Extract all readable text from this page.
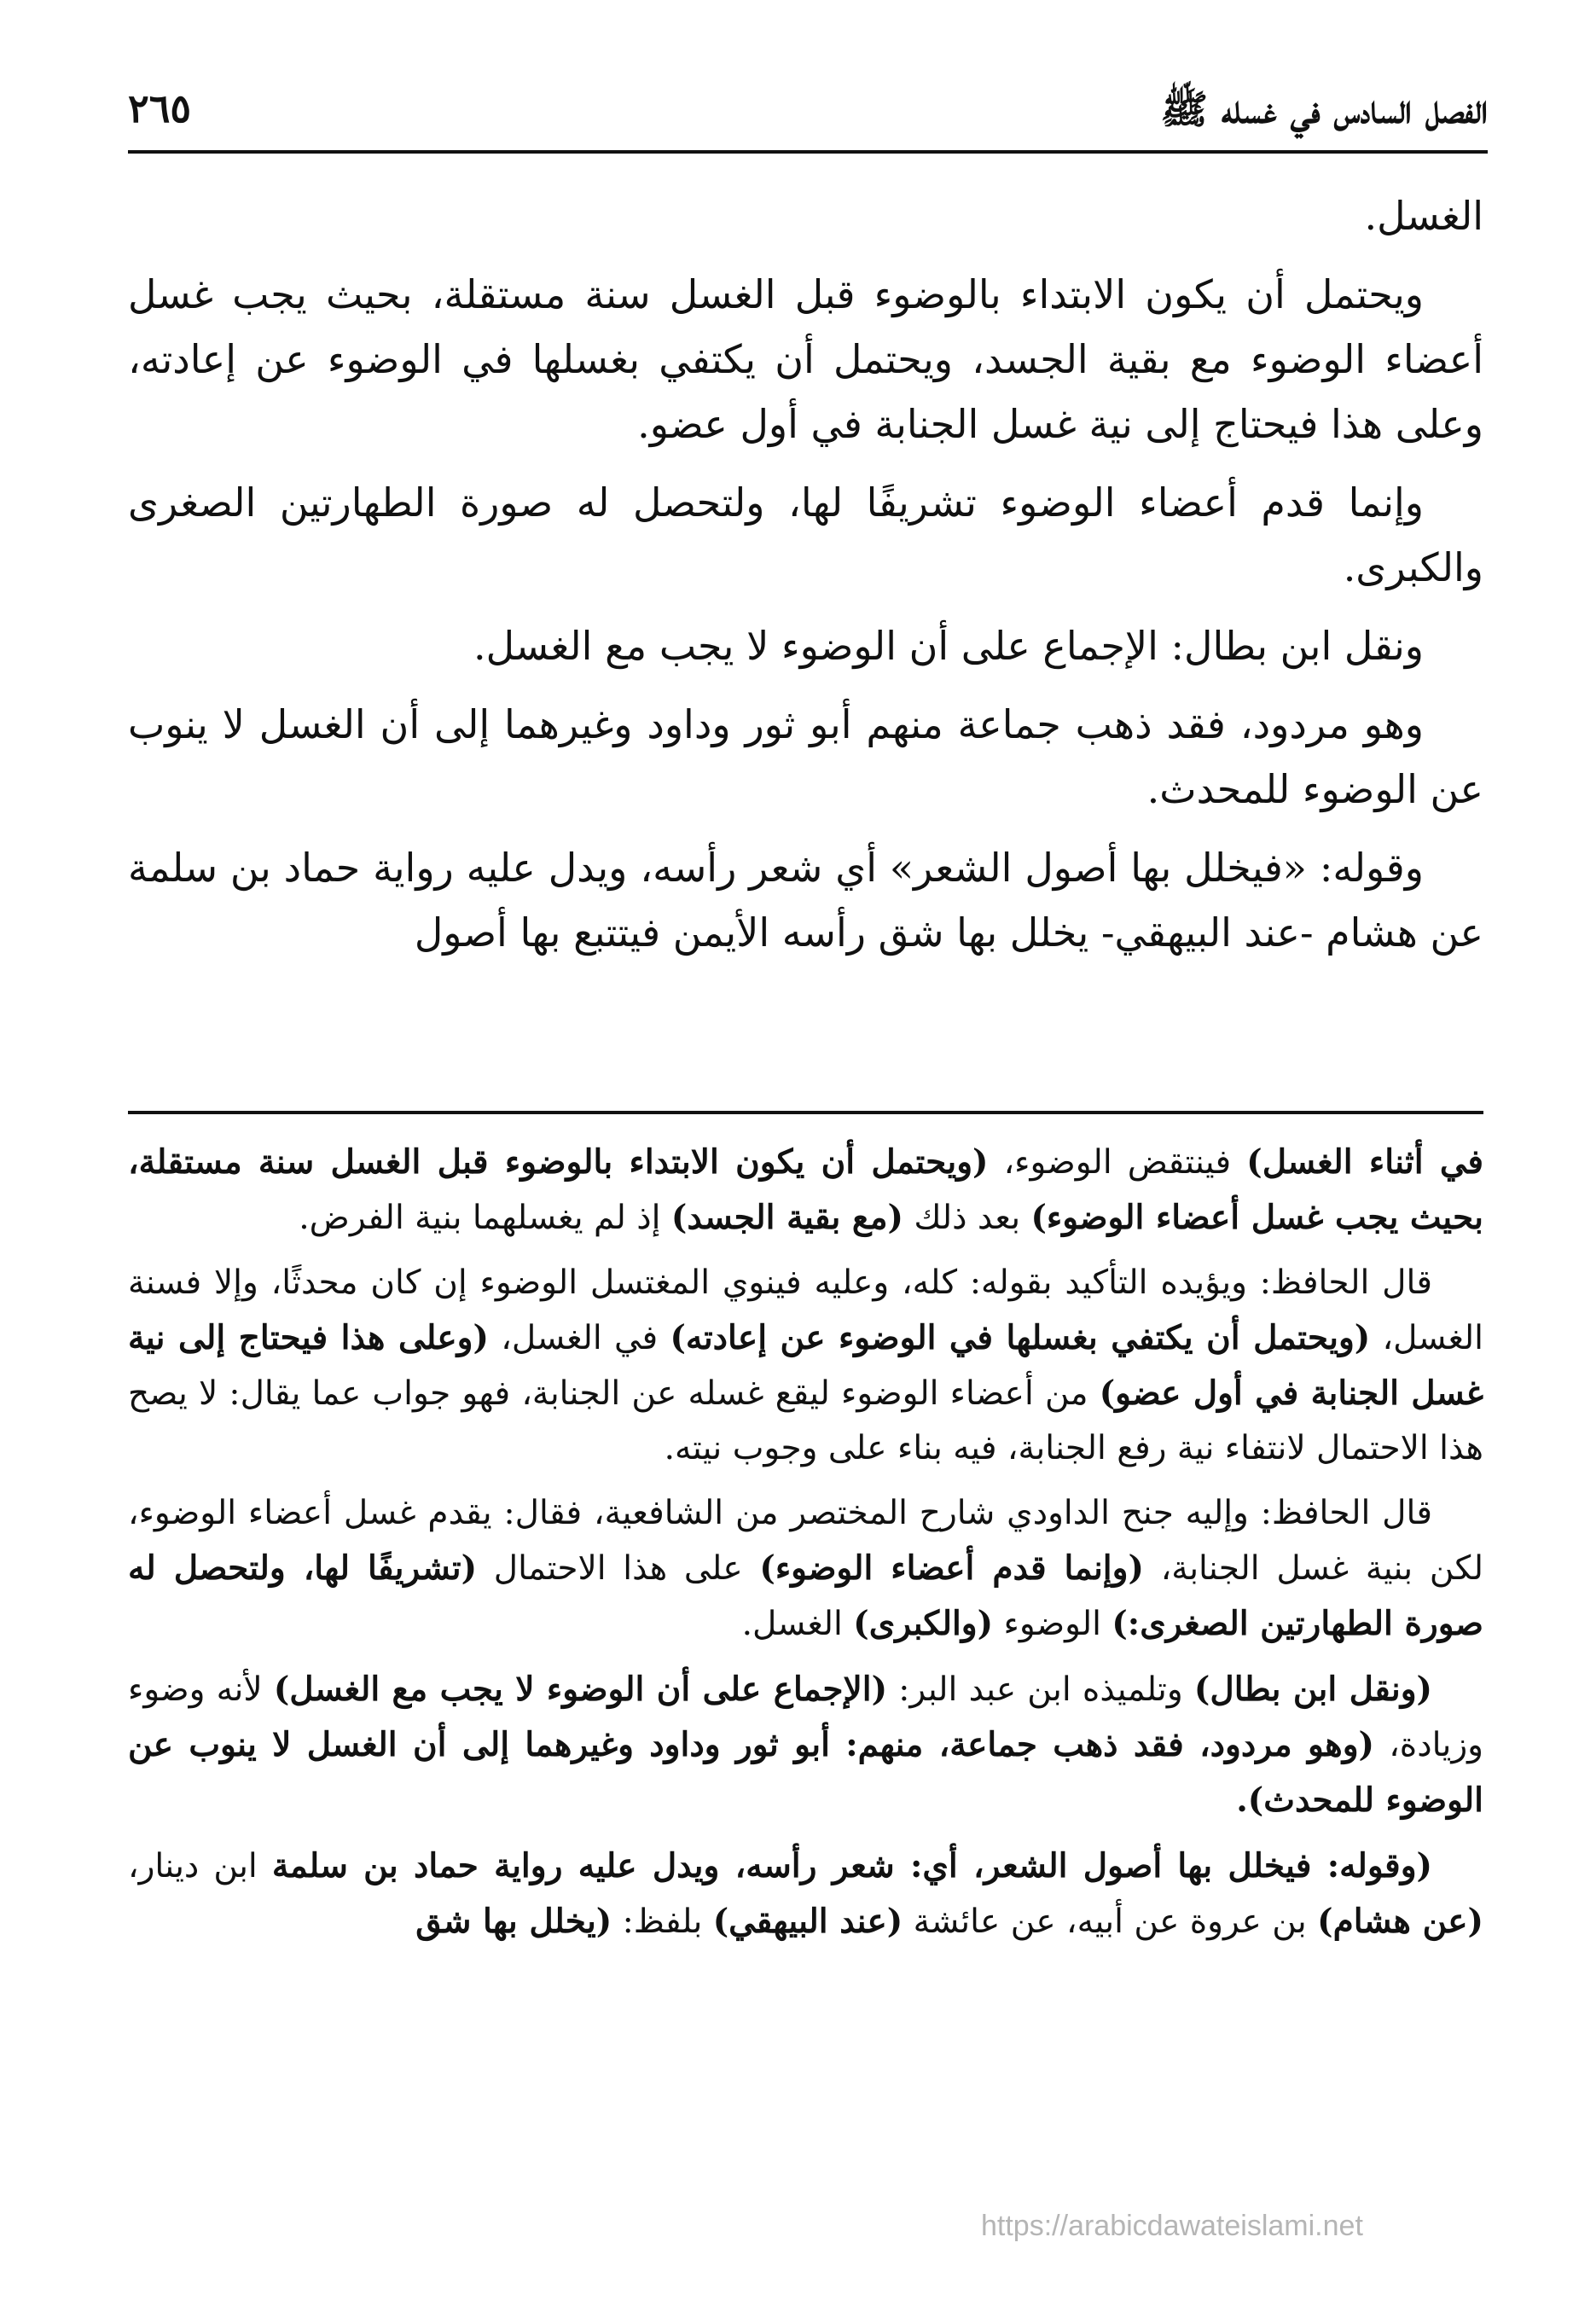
الفصل السادس في غسله ﷺ
٢٦٥

الغسل.

ويحتمل أن يكون الابتداء بالوضوء قبل الغسل سنة مستقلة، بحيث يجب غسل أعضاء الوضوء مع بقية الجسد، ويحتمل أن يكتفي بغسلها في الوضوء عن إعادته، وعلى هذا فيحتاج إلى نية غسل الجنابة في أول عضو.

وإنما قدم أعضاء الوضوء تشريفًا لها، ولتحصل له صورة الطهارتين الصغرى والكبرى.

ونقل ابن بطال: الإجماع على أن الوضوء لا يجب مع الغسل.

وهو مردود، فقد ذهب جماعة منهم أبو ثور وداود وغيرهما إلى أن الغسل لا ينوب عن الوضوء للمحدث.

وقوله: «فيخلل بها أصول الشعر» أي شعر رأسه، ويدل عليه رواية حماد بن سلمة عن هشام -عند البيهقي- يخلل بها شق رأسه الأيمن فيتتبع بها أصول

في أثناء الغسل) فينتقض الوضوء، (ويحتمل أن يكون الابتداء بالوضوء قبل الغسل سنة مستقلة، بحيث يجب غسل أعضاء الوضوء) بعد ذلك (مع بقية الجسد) إذ لم يغسلهما بنية الفرض.

قال الحافظ: ويؤيده التأكيد بقوله: كله، وعليه فينوي المغتسل الوضوء إن كان محدثًا، وإلا فسنة الغسل، (ويحتمل أن يكتفي بغسلها في الوضوء عن إعادته) في الغسل، (وعلى هذا فيحتاج إلى نية غسل الجنابة في أول عضو) من أعضاء الوضوء ليقع غسله عن الجنابة، فهو جواب عما يقال: لا يصح هذا الاحتمال لانتفاء نية رفع الجنابة، فيه بناء على وجوب نيته.

قال الحافظ: وإليه جنح الداودي شارح المختصر من الشافعية، فقال: يقدم غسل أعضاء الوضوء، لكن بنية غسل الجنابة، (وإنما قدم أعضاء الوضوء) على هذا الاحتمال (تشريفًا لها، ولتحصل له صورة الطهارتين الصغرى:) الوضوء (والكبرى) الغسل.

(ونقل ابن بطال) وتلميذه ابن عبد البر: (الإجماع على أن الوضوء لا يجب مع الغسل) لأنه وضوء وزيادة، (وهو مردود، فقد ذهب جماعة، منهم: أبو ثور وداود وغيرهما إلى أن الغسل لا ينوب عن الوضوء للمحدث).

(وقوله: فيخلل بها أصول الشعر، أي: شعر رأسه، ويدل عليه رواية حماد بن سلمة ابن دينار، (عن هشام) بن عروة عن أبيه، عن عائشة (عند البيهقي) بلفظ: (يخلل بها شق

https://arabicdawateislami.net
